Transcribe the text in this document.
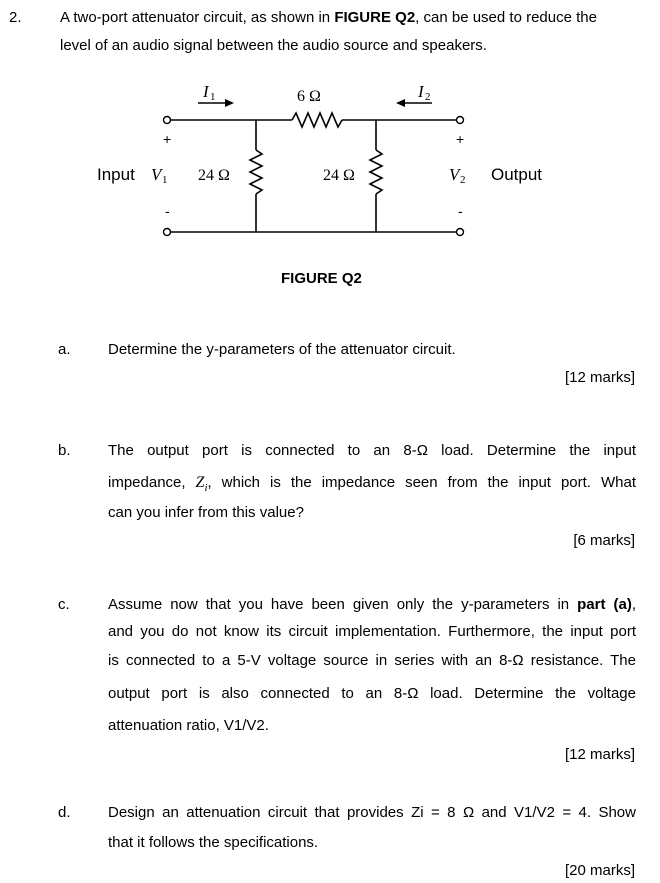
2.	A two-port attenuator circuit, as shown in FIGURE Q2, can be used to reduce the
level of an audio signal between the audio source and speakers.
I 1	I 2
6 Ω
24 Ω	24 Ω
Input V 1	V 2 Output
+
-
+
-
FIGURE Q2
a. Determine the y-parameters of the attenuator circuit.
[12 marks]
b. The output port is connected to an 8-Ω load. Determine the input
impedance, $Z_i$, which is the impedance seen from the input port. What
can you infer from this value?
[6 marks]
c.	Assume now that you have been given only the y-parameters in part (a),
and you do not know its circuit implementation. Furthermore, the input port
is connected to a 5-V voltage source in series with an 8-Ω resistance. The
output port is also connected to an 8-Ω load. Determine the voltage
attenuation ratio, V1/V2.
[12 marks]
d. Design an attenuation circuit that provides Zi = 8 Ω and V1/V2 = 4. Show
that it follows the specifications.
[20 marks]
